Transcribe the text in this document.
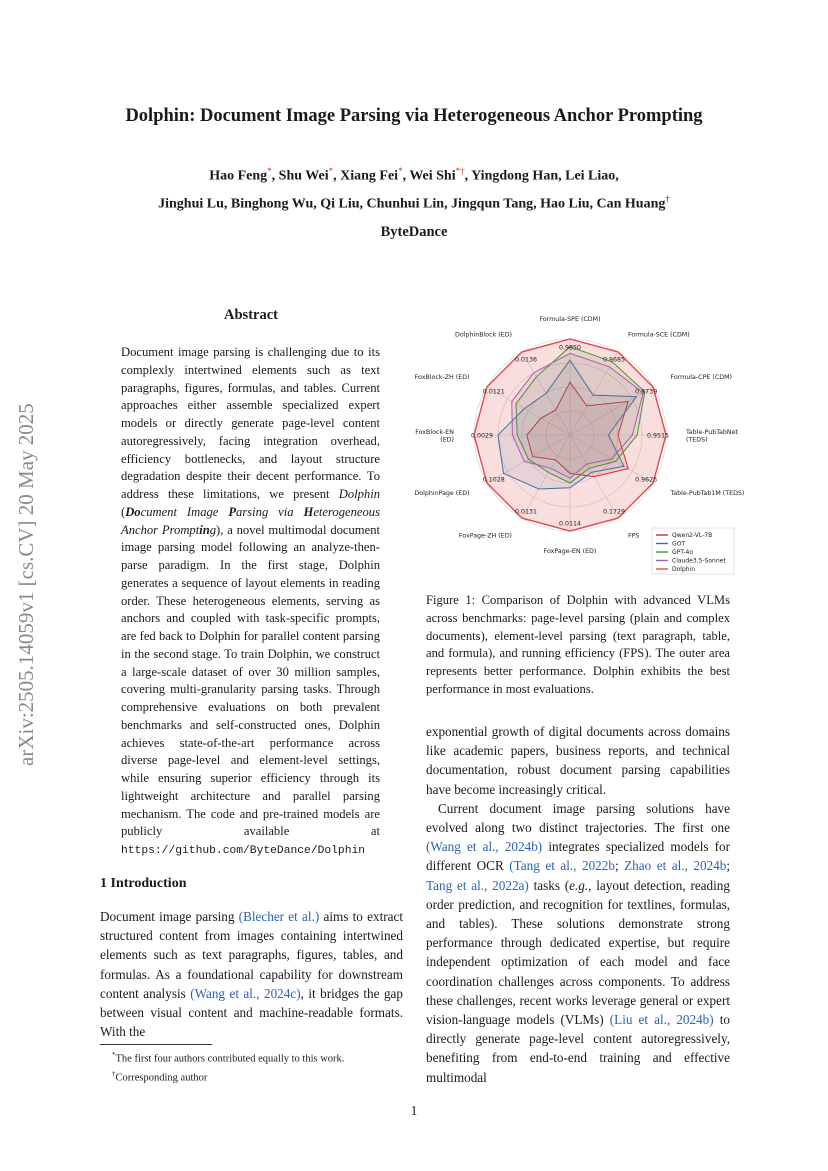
arXiv:2505.14059v1 [cs.CV] 20 May 2025
Dolphin: Document Image Parsing via Heterogeneous Anchor Prompting
Hao Feng*, Shu Wei*, Xiang Fei*, Wei Shi*†, Yingdong Han, Lei Liao,
Jinghui Lu, Binghong Wu, Qi Liu, Chunhui Lin, Jingqun Tang, Hao Liu, Can Huang†
ByteDance
Abstract
Document image parsing is challenging due to its complexly intertwined elements such as text paragraphs, figures, formulas, and tables. Current approaches either assemble specialized expert models or directly generate page-level content autoregressively, facing integration overhead, efficiency bottlenecks, and layout structure degradation despite their decent performance. To address these limitations, we present Dolphin (Document Image Parsing via Heterogeneous Anchor Prompting), a novel multimodal document image parsing model following an analyze-then-parse paradigm. In the first stage, Dolphin generates a sequence of layout elements in reading order. These heterogeneous elements, serving as anchors and coupled with task-specific prompts, are fed back to Dolphin for parallel content parsing in the second stage. To train Dolphin, we construct a large-scale dataset of over 30 million samples, covering multi-granularity parsing tasks. Through comprehensive evaluations on both prevalent benchmarks and self-constructed ones, Dolphin achieves state-of-the-art performance across diverse page-level and element-level settings, while ensuring superior efficiency through its lightweight architecture and parallel parsing mechanism. The code and pre-trained models are publicly available at https://github.com/ByteDance/Dolphin
1 Introduction
Document image parsing (Blecher et al.) aims to extract structured content from images containing intertwined elements such as text paragraphs, figures, tables, and formulas. As a foundational capability for downstream content analysis (Wang et al., 2024c), it bridges the gap between visual content and machine-readable formats. With the
*The first four authors contributed equally to this work.
†Corresponding author
0.9850
Formula-SPE (CDM)
0.9685
Formula-SCE (CDM)
0.8739
Formula-CPE (CDM)
0.9515	Table-PubTabNet (TEDS)
0.9625
Table-PubTab1M (TEDS)
0.1729
FPS
0.0114
FoxPage-EN (ED)
0.0131
FoxPage-ZH (ED)
0.1028
DolphinPage (ED)
0.0029
FoxBlock-EN (ED)
0.0121
FoxBlock-ZH (ED)
0.0136
DolphinBlock (ED)
Qwen2-VL-7B
GOT
GPT-4o
Claude3.5-Sonnet
Dolphin
Figure 1: Comparison of Dolphin with advanced VLMs across benchmarks: page-level parsing (plain and complex documents), element-level parsing (text paragraph, table, and formula), and running efficiency (FPS). The outer area represents better performance. Dolphin exhibits the best performance in most evaluations.

exponential growth of digital documents across domains like academic papers, business reports, and technical documentation, robust document parsing capabilities have become increasingly critical.

Current document image parsing solutions have evolved along two distinct trajectories. The first one (Wang et al., 2024b) integrates specialized models for different OCR (Tang et al., 2022b; Zhao et al., 2024b; Tang et al., 2022a) tasks (e.g., layout detection, reading order prediction, and recognition for textlines, formulas, and tables). These solutions demonstrate strong performance through dedicated expertise, but require independent optimization of each model and face coordination challenges across components. To address these challenges, recent works leverage general or expert vision-language models (VLMs) (Liu et al., 2024b) to directly generate page-level content autoregressively, benefiting from end-to-end training and effective multimodal

1
